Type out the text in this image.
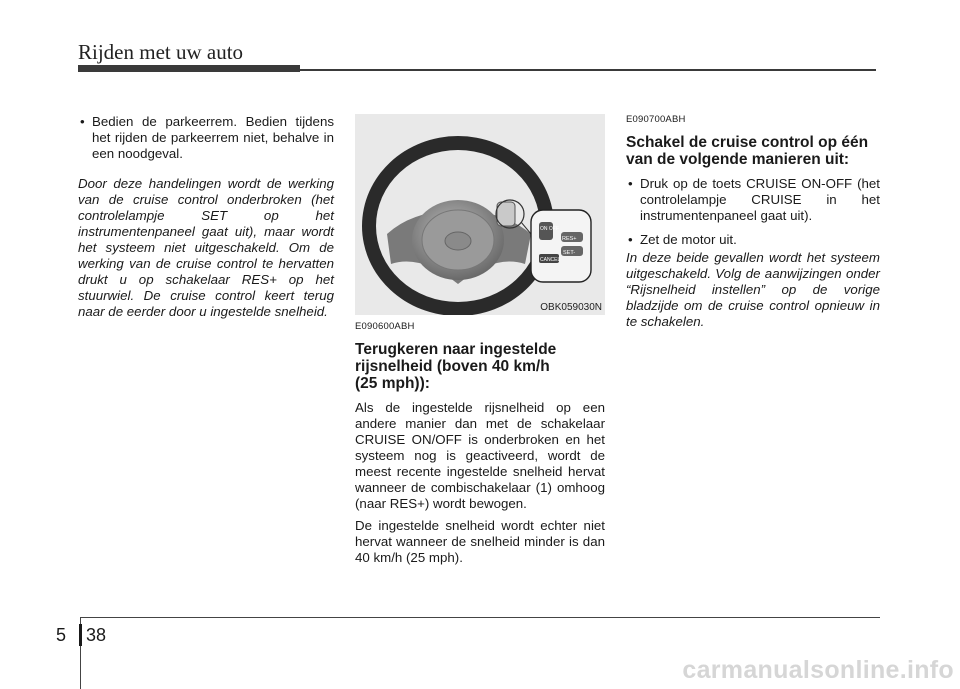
Rijden met uw auto
• Bedien de parkeerrem. Bedien tijdens het rijden de parkeerrem niet, behalve in een noodgeval.

Door deze handelingen wordt de werking van de cruise control onderbroken (het controlelampje SET op het instrumentenpaneel gaat uit), maar wordt het systeem niet uitgeschakeld. Om de werking van de cruise control te hervatten drukt u op schakelaar RES+ op het stuurwiel. De cruise control keert terug naar de eerder door u ingestelde snelheid.

ON OFF
RES+
SET-
CANCEL
OBK059030N
E090600ABH
Terugkeren naar ingestelde
rijsnelheid (boven 40 km/h
(25 mph)):

Als de ingestelde rijsnelheid op een andere manier dan met de schakelaar CRUISE ON/OFF is onderbroken en het systeem nog is geactiveerd, wordt de meest recente ingestelde snelheid hervat wanneer de combischakelaar (1) omhoog (naar RES+) wordt bewogen.

De ingestelde snelheid wordt echter niet hervat wanneer de snelheid minder is dan 40 km/h (25 mph).

E090700ABH
Schakel de cruise control op één
van de volgende manieren uit:
• Druk op de toets CRUISE ON-OFF (het controlelampje CRUISE in het instrumentenpaneel gaat uit).
• Zet de motor uit.

In deze beide gevallen wordt het systeem uitgeschakeld. Volg de aanwijzingen onder “Rijsnelheid instellen” op de vorige bladzijde om de cruise control opnieuw in te schakelen.

5 38
carmanualsonline.info
